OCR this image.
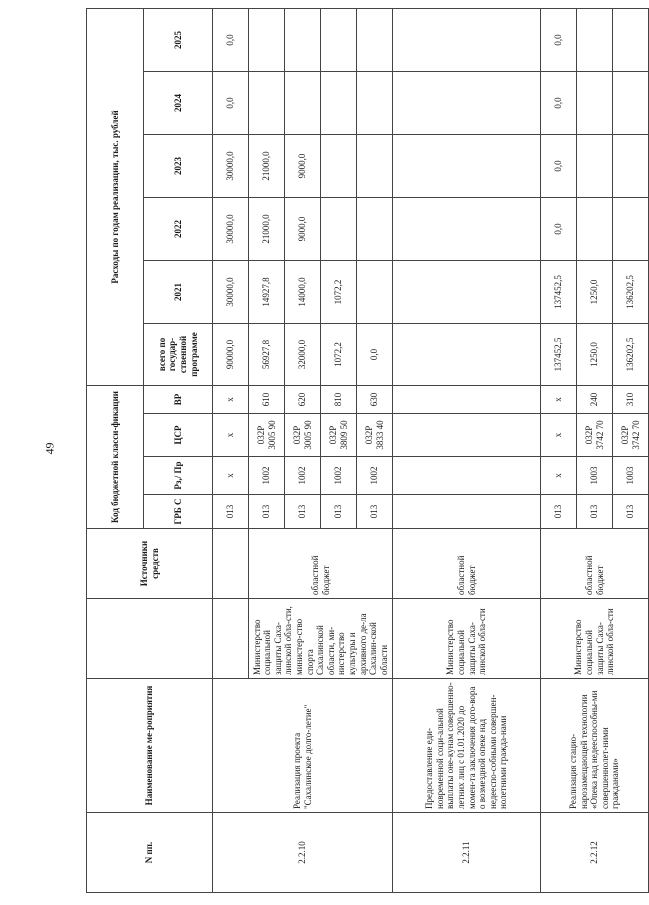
49
N пп.	Наименование ме-роприятия		Источники средств	Код бюджетной класси-фикации				Расходы по годам реализации, тыс. рублей					
				ГРБ С	Рз,/ Пр	ЦСР	ВР	всего по государ-ственной программе	2021	2022	2023	2024	2025
2.2.10	Реализация проекта "Сахалинское долго-летие"			013	х	х	х	90000,0	30000,0	30000,0	30000,0	0,0	0,0
		Министерство социальной защиты Саха-линской обла-сти, министер-ство спорта Сахалинской области, ми-нистерство культуры и архивного де-ла Сахалин-ской области	областной бюджет	013	1002	032Р 3005 90	610	56927,8	14927,8	21000,0	21000,0		
				013	1002	032Р 3005 90	620	32000,0	14000,0	9000,0	9000,0		
				013	1002	032Р 3809 50	810	1072,2	1072,2				
				013	1002	032Р 3833 40	630	0,0					
2.2.11	Предоставление еди-новременной соци-альной выплаты оне-кунам совершенно-летних лиц с 01.01.2020 до момен-та заключения дого-вора о возмездной опеке над недееспо-собными совершен-нолетними гражда-нами	Министерство социальной защиты Саха-линской обла-сти	областной бюджет										
2.2.12	Реализация стацио-нарозамещающей технологии «Опека над недееспособны-ми совершеннолет-ними гражданами»	Министерство социальной защиты Саха-линской обла-сти	областной бюджет	013	х	х	х	137452,5	137452,5	0,0	0,0	0,0	0,0
				013	1003	032Р 3742 70	240	1250,0	1250,0				
				013	1003	032Р 3742 70	310	136202,5	136202,5				
